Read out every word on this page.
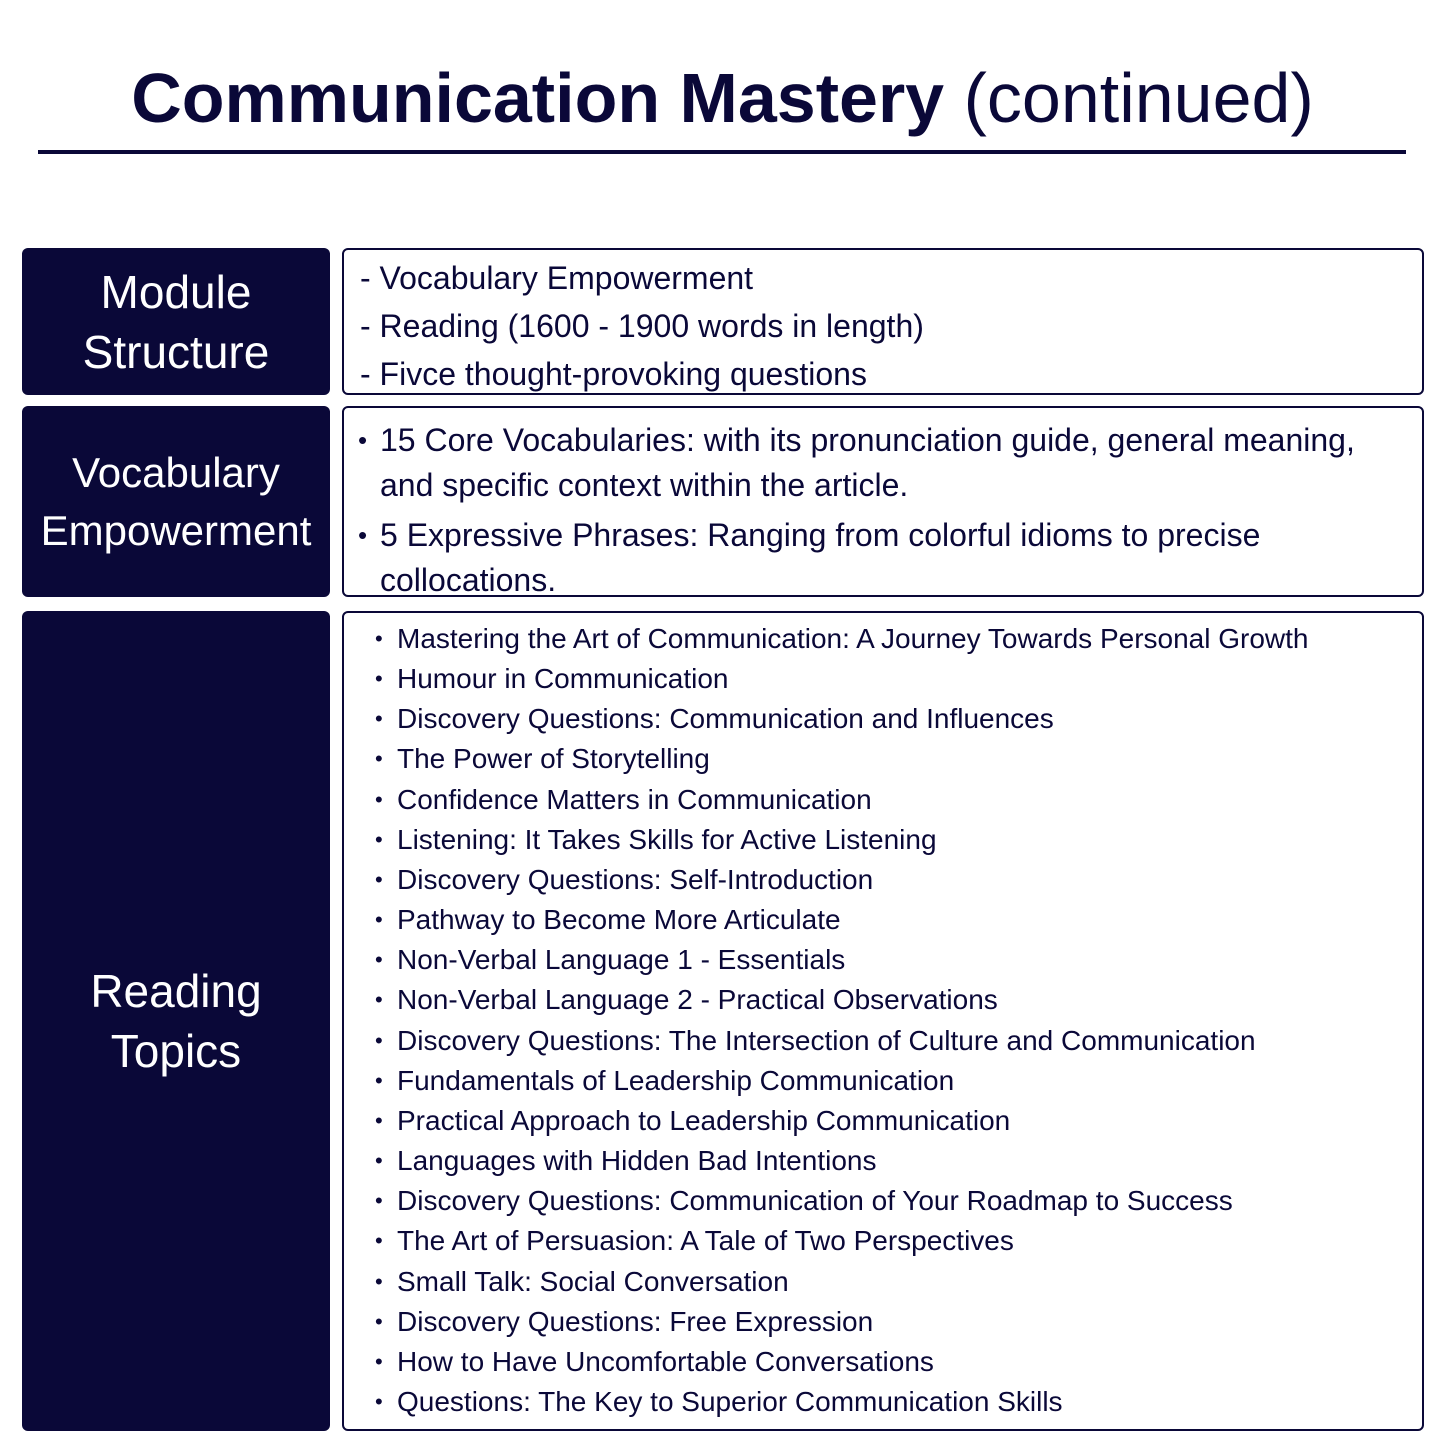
Communication Mastery (continued)
Module
Structure
- Vocabulary Empowerment
- Reading (1600 - 1900 words in length)
- Fivce thought-provoking questions
Vocabulary
Empowerment
• 15 Core Vocabularies: with its pronunciation guide, general meaning, and specific context within the article.
• 5 Expressive Phrases: Ranging from colorful idioms to precise collocations.
Reading
Topics
• Mastering the Art of Communication: A Journey Towards Personal Growth
• Humour in Communication
• Discovery Questions: Communication and Influences
• The Power of Storytelling
• Confidence Matters in Communication
• Listening: It Takes Skills for Active Listening
• Discovery Questions: Self-Introduction
• Pathway to Become More Articulate
• Non-Verbal Language 1 - Essentials
• Non-Verbal Language 2 - Practical Observations
• Discovery Questions: The Intersection of Culture and Communication
• Fundamentals of Leadership Communication
• Practical Approach to Leadership Communication
• Languages with Hidden Bad Intentions
• Discovery Questions: Communication of Your Roadmap to Success
• The Art of Persuasion: A Tale of Two Perspectives
• Small Talk: Social Conversation
• Discovery Questions: Free Expression
• How to Have Uncomfortable Conversations
• Questions: The Key to Superior Communication Skills
